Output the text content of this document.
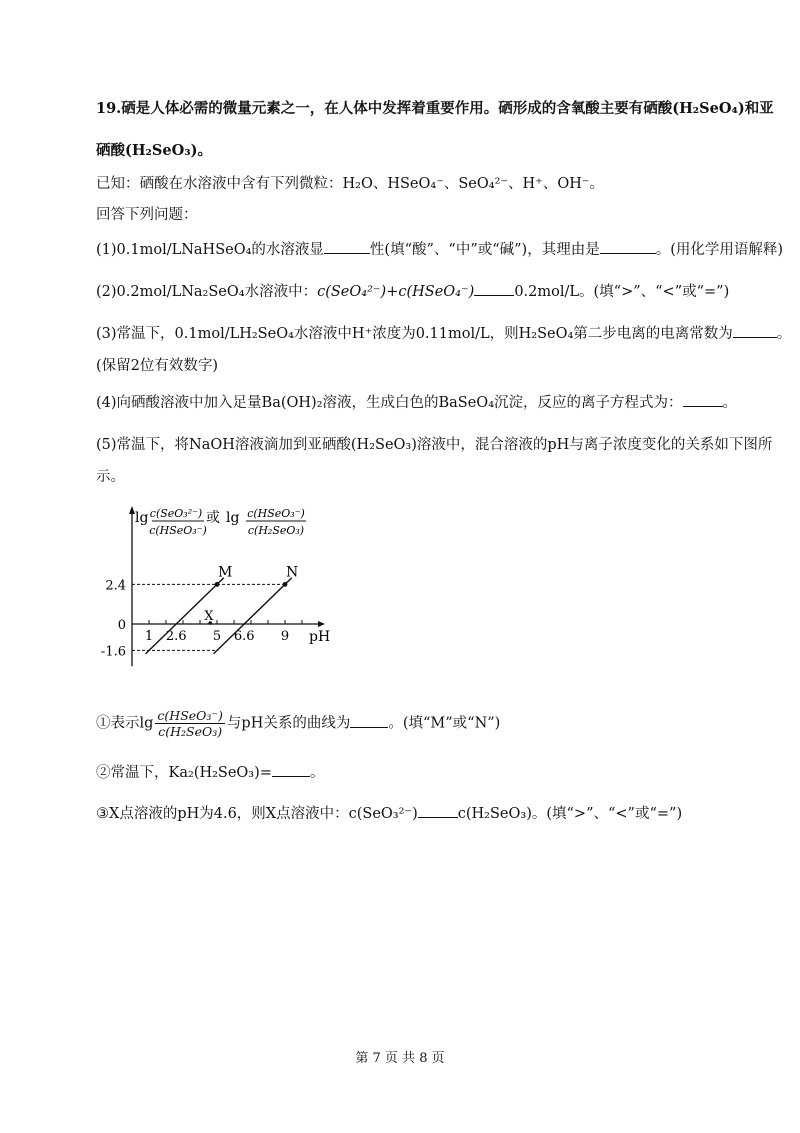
19.硒是人体必需的微量元素之一，在人体中发挥着重要作用。硒形成的含氧酸主要有硒酸(H₂SeO₄)和亚
硒酸(H₂SeO₃)。
已知：硒酸在水溶液中含有下列微粒：H₂O、HSeO₄⁻、SeO₄²⁻、H⁺、OH⁻。
回答下列问题：
(1)0.1mol/LNaHSeO₄的水溶液显	性(填“酸”、“中”或“碱”)，其理由是	。(用化学用语解释)
(2)0.2mol/LNa₂SeO₄水溶液中：c(SeO₄²⁻)+c(HSeO₄⁻)	0.2mol/L。(填“>”、“<”或“=”)
(3)常温下，0.1mol/LH₂SeO₄水溶液中H⁺浓度为0.11mol/L，则H₂SeO₄第二步电离的电离常数为	。
(保留2位有效数字)
(4)向硒酸溶液中加入足量Ba(OH)₂溶液，生成白色的BaSeO₄沉淀，反应的离子方程式为：	。
(5)常温下，将NaOH溶液滴加到亚硒酸(H₂SeO₃)溶液中，混合溶液的pH与离子浓度变化的关系如下图所
示。
lg c(SeO₃²⁻)
c(HSeO₃⁻)
或 lg c(HSeO₃⁻)
c(H₂SeO₃)
pH
1 2.6 5 6.6 9
2.4
0
-1.6
M	N
X
①表示$\lg \frac{\text{c(HSeO₃⁻)}}{\text{c(H₂SeO₃)}}$ 与pH关系的曲线为	。(填“M”或“N”)
②常温下，Ka₂(H₂SeO₃)=	。
③X点溶液的pH为4.6，则X点溶液中：c(SeO₃²⁻)	c(H₂SeO₃)。(填“>”、“<”或“=”)
第 7 页 共 8 页
